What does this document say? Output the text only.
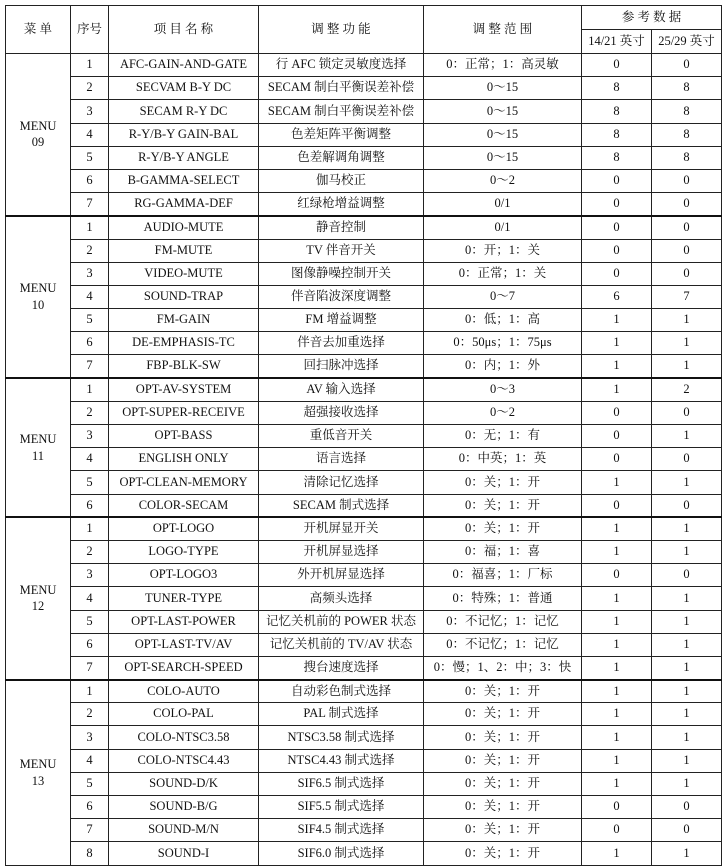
菜 单	序号	项 目 名 称	调 整 功 能	调 整 范 围	参 考 数 据	
					14/21 英寸	25/29 英寸

MENU
09	1	AFC-GAIN-AND-GATE	行 AFC 锁定灵敏度选择	0：正常；1：高灵敏	0	0
	2	SECVAM B-Y DC	SECAM 制白平衡误差补偿	0～15	8	8
	3	SECAM R-Y DC	SECAM 制白平衡误差补偿	0～15	8	8
	4	R-Y/B-Y GAIN-BAL	色差矩阵平衡调整	0～15	8	8
	5	R-Y/B-Y ANGLE	色差解调角调整	0～15	8	8
	6	B-GAMMA-SELECT	伽马校正	0～2	0	0
	7	RG-GAMMA-DEF	红绿枪增益调整	0/1	0	0

MENU
10	1	AUDIO-MUTE	静音控制	0/1	0	0
	2	FM-MUTE	TV 伴音开关	0：开；1：关	0	0
	3	VIDEO-MUTE	图像静噪控制开关	0：正常；1：关	0	0
	4	SOUND-TRAP	伴音陷波深度调整	0～7	6	7
	5	FM-GAIN	FM 增益调整	0：低；1：高	1	1
	6	DE-EMPHASIS-TC	伴音去加重选择	0：50μs；1：75μs	1	1
	7	FBP-BLK-SW	回扫脉冲选择	0：内；1：外	1	1

MENU
11	1	OPT-AV-SYSTEM	AV 输入选择	0～3	1	2
	2	OPT-SUPER-RECEIVE	超强接收选择	0～2	0	0
	3	OPT-BASS	重低音开关	0：无；1：有	0	1
	4	ENGLISH ONLY	语言选择	0：中英；1：英	0	0
	5	OPT-CLEAN-MEMORY	清除记忆选择	0：关；1：开	1	1
	6	COLOR-SECAM	SECAM 制式选择	0：关；1：开	0	0

MENU
12	1	OPT-LOGO	开机屏显开关	0：关；1：开	1	1
	2	LOGO-TYPE	开机屏显选择	0：福；1：喜	1	1
	3	OPT-LOGO3	外开机屏显选择	0：福喜；1：厂标	0	0
	4	TUNER-TYPE	高频头选择	0：特殊；1：普通	1	1
	5	OPT-LAST-POWER	记忆关机前的 POWER 状态	0：不记忆；1：记忆	1	1
	6	OPT-LAST-TV/AV	记忆关机前的 TV/AV 状态	0：不记忆；1：记忆	1	1
	7	OPT-SEARCH-SPEED	搜台速度选择	0：慢；1、2：中；3：快	1	1

MENU
13	1	COLO-AUTO	自动彩色制式选择	0：关；1：开	1	1
	2	COLO-PAL	PAL 制式选择	0：关；1：开	1	1
	3	COLO-NTSC3.58	NTSC3.58 制式选择	0：关；1：开	1	1
	4	COLO-NTSC4.43	NTSC4.43 制式选择	0：关；1：开	1	1
	5	SOUND-D/K	SIF6.5 制式选择	0：关；1：开	1	1
	6	SOUND-B/G	SIF5.5 制式选择	0：关；1：开	0	0
	7	SOUND-M/N	SIF4.5 制式选择	0：关；1：开	0	0
	8	SOUND-I	SIF6.0 制式选择	0：关；1：开	1	1
